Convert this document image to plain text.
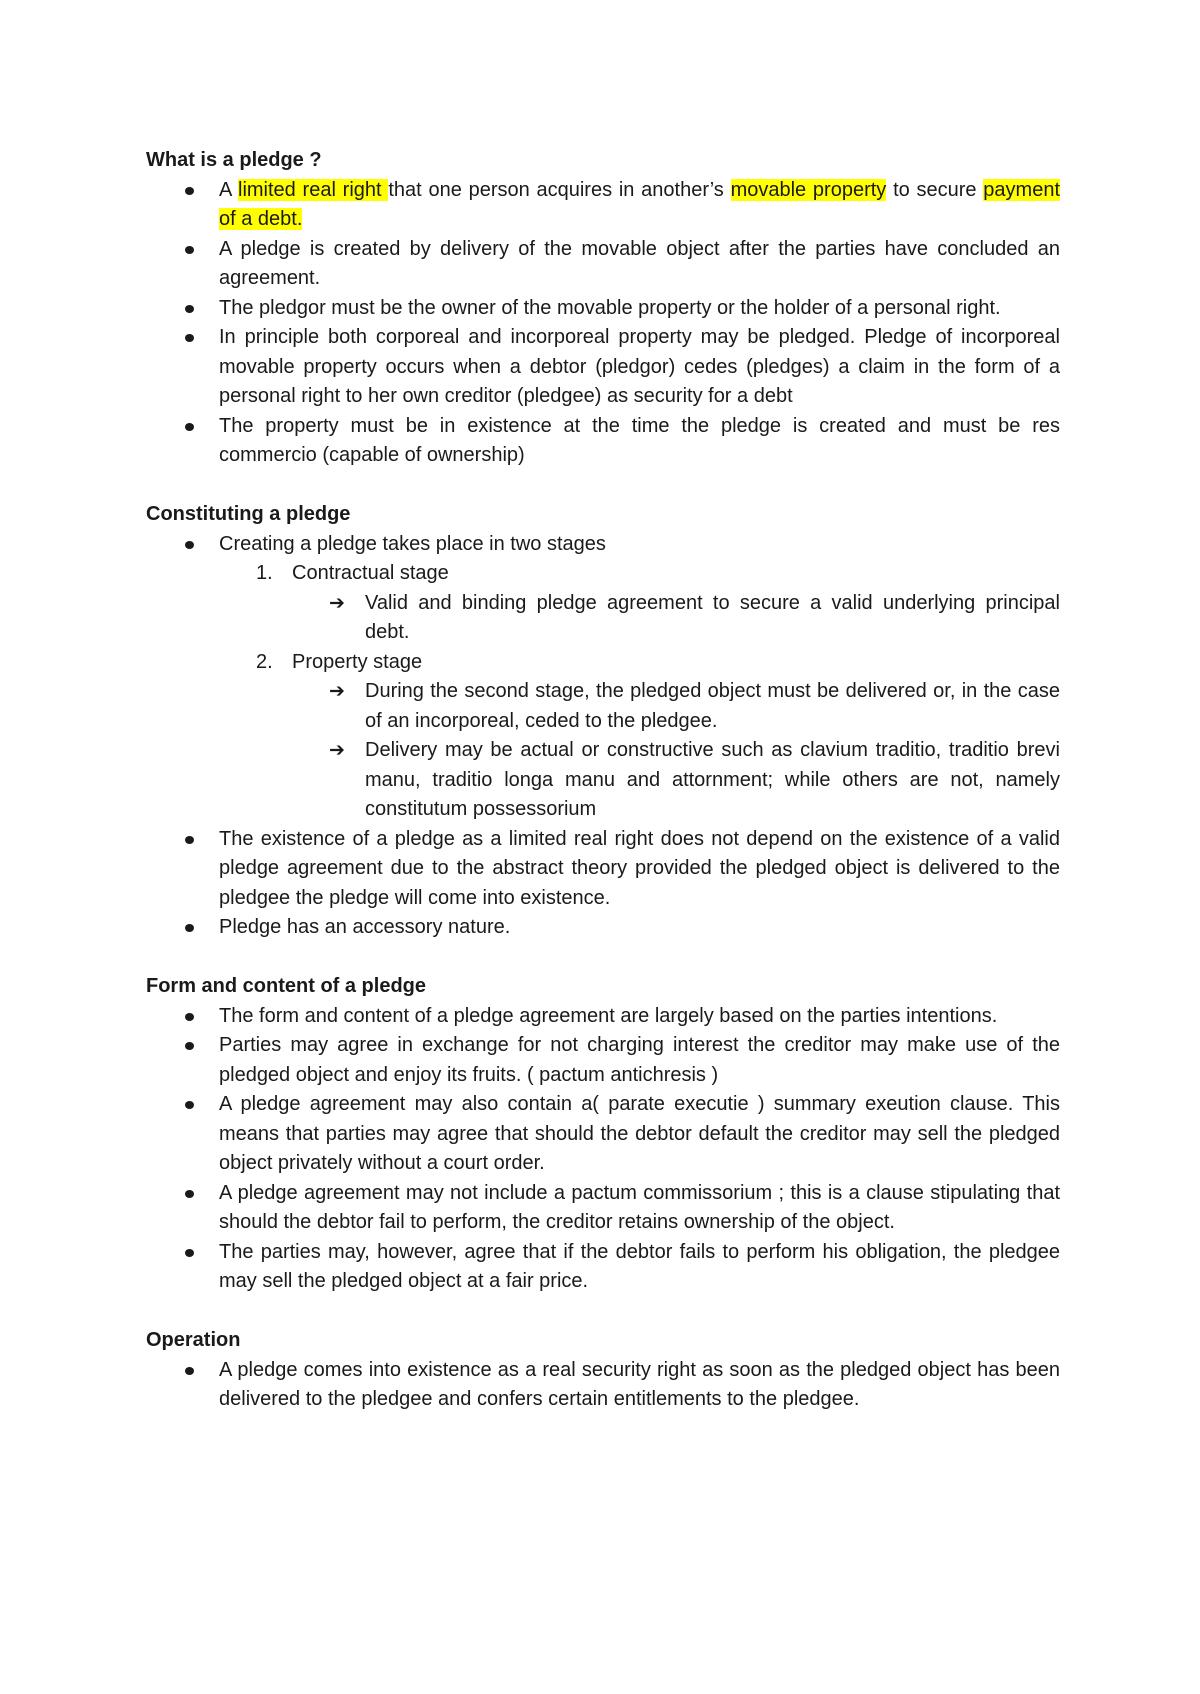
What is a pledge ?

A limited real right that one person acquires in another’s movable property to secure payment of a debt.
A pledge is created by delivery of the movable object after the parties have concluded an agreement.
The pledgor must be the owner of the movable property or the holder of a personal right.
In principle both corporeal and incorporeal property may be pledged. Pledge of incorporeal movable property occurs when a debtor (pledgor) cedes (pledges) a claim in the form of a personal right to her own creditor (pledgee) as security for a debt
The property must be in existence at the time the pledge is created and must be res commercio (capable of ownership)

Constituting a pledge

Creating a pledge takes place in two stages
1. Contractual stage
➔ Valid and binding pledge agreement to secure a valid underlying principal debt.
2. Property stage
➔ During the second stage, the pledged object must be delivered or, in the case of an incorporeal, ceded to the pledgee.
➔ Delivery may be actual or constructive such as clavium traditio, traditio brevi manu, traditio longa manu and attornment; while others are not, namely constitutum possessorium
The existence of a pledge as a limited real right does not depend on the existence of a valid pledge agreement due to the abstract theory provided the pledged object is delivered to the pledgee the pledge will come into existence.
Pledge has an accessory nature.

Form and content of a pledge

The form and content of a pledge agreement are largely based on the parties intentions.
Parties may agree in exchange for not charging interest the creditor may make use of the pledged object and enjoy its fruits. ( pactum antichresis )
A pledge agreement may also contain a( parate executie ) summary exeution clause. This means that parties may agree that should the debtor default the creditor may sell the pledged object privately without a court order.
A pledge agreement may not include a pactum commissorium ; this is a clause stipulating that should the debtor fail to perform, the creditor retains ownership of the object.
The parties may, however, agree that if the debtor fails to perform his obligation, the pledgee may sell the pledged object at a fair price.

Operation

A pledge comes into existence as a real security right as soon as the pledged object has been delivered to the pledgee and confers certain entitlements to the pledgee.
